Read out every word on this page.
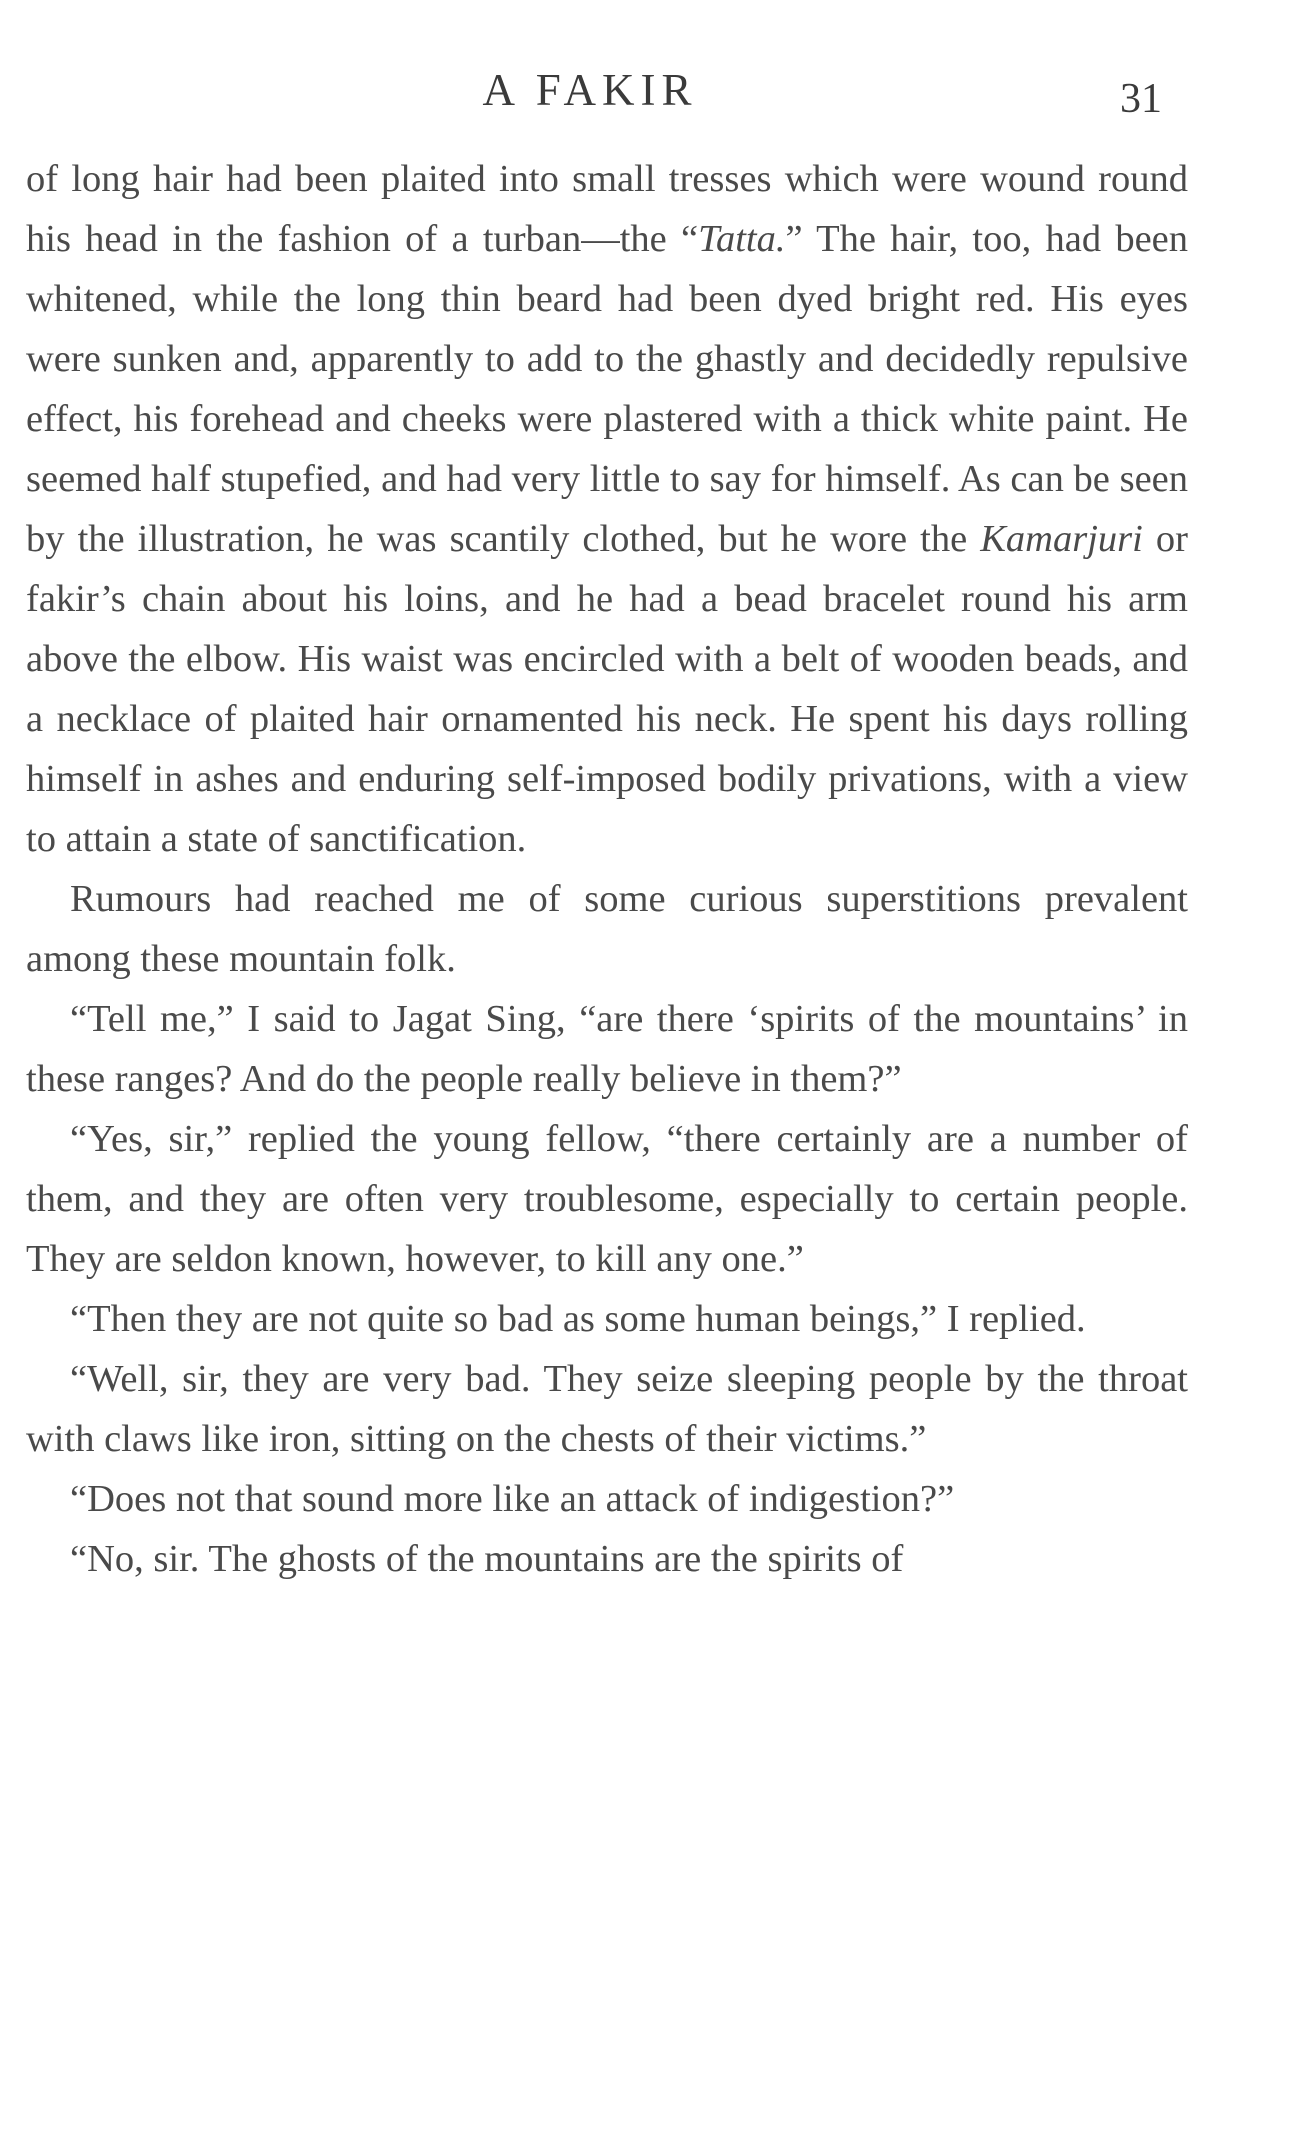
A FAKIR	31

of long hair had been plaited into small tresses which were wound round his head in the fashion of a turban—the “Tatta.” The hair, too, had been whitened, while the long thin beard had been dyed bright red. His eyes were sunken and, apparently to add to the ghastly and decidedly repulsive effect, his forehead and cheeks were plastered with a thick white paint. He seemed half stupefied, and had very little to say for himself. As can be seen by the illustration, he was scantily clothed, but he wore the Kamarjuri or fakir’s chain about his loins, and he had a bead bracelet round his arm above the elbow. His waist was encircled with a belt of wooden beads, and a necklace of plaited hair ornamented his neck. He spent his days rolling himself in ashes and enduring self-imposed bodily privations, with a view to attain a state of sanctification.

Rumours had reached me of some curious superstitions prevalent among these mountain folk.

“Tell me,” I said to Jagat Sing, “are there ‘spirits of the mountains’ in these ranges? And do the people really believe in them?”

“Yes, sir,” replied the young fellow, “there certainly are a number of them, and they are often very troublesome, especially to certain people. They are seldon known, however, to kill any one.”

“Then they are not quite so bad as some human beings,” I replied.

“Well, sir, they are very bad. They seize sleeping people by the throat with claws like iron, sitting on the chests of their victims.”

“Does not that sound more like an attack of indigestion?”

“No, sir. The ghosts of the mountains are the spirits of
